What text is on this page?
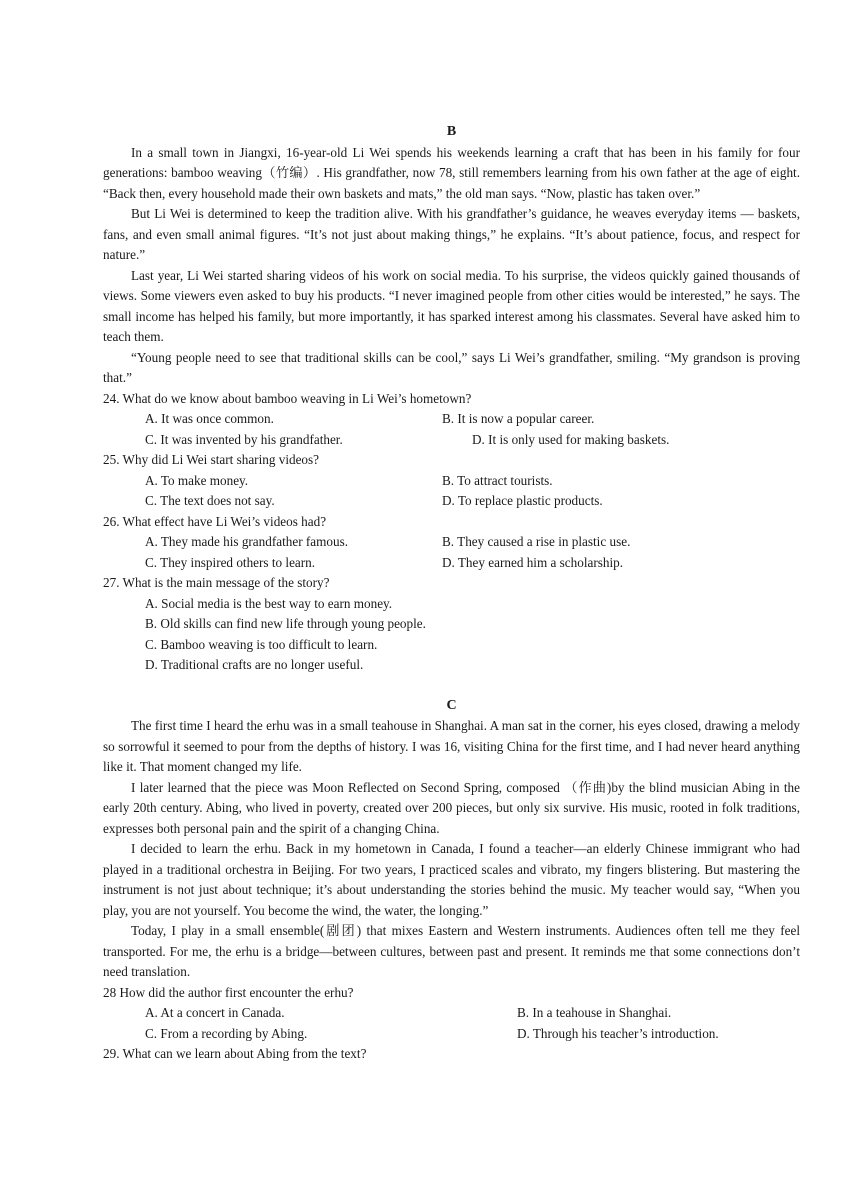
B

In a small town in Jiangxi, 16-year-old Li Wei spends his weekends learning a craft that has been in his family for four generations: bamboo weaving（竹编）. His grandfather, now 78, still remembers learning from his own father at the age of eight. “Back then, every household made their own baskets and mats,” the old man says. “Now, plastic has taken over.”

But Li Wei is determined to keep the tradition alive. With his grandfather’s guidance, he weaves everyday items — baskets, fans, and even small animal figures. “It’s not just about making things,” he explains. “It’s about patience, focus, and respect for nature.”

Last year, Li Wei started sharing videos of his work on social media. To his surprise, the videos quickly gained thousands of views. Some viewers even asked to buy his products. “I never imagined people from other cities would be interested,” he says. The small income has helped his family, but more importantly, it has sparked interest among his classmates. Several have asked him to teach them.

“Young people need to see that traditional skills can be cool,” says Li Wei’s grandfather, smiling. “My grandson is proving that.”

24. What do we know about bamboo weaving in Li Wei’s hometown?

A. It was once common.	B. It is now a popular career.
C. It was invented by his grandfather.	D. It is only used for making baskets.

25. Why did Li Wei start sharing videos?

A. To make money.	B. To attract tourists.
C. The text does not say.	D. To replace plastic products.

26. What effect have Li Wei’s videos had?

A. They made his grandfather famous.	B. They caused a rise in plastic use.
C. They inspired others to learn.	D. They earned him a scholarship.

27. What is the main message of the story?

A. Social media is the best way to earn money.
B. Old skills can find new life through young people.
C. Bamboo weaving is too difficult to learn.
D. Traditional crafts are no longer useful.

C

The first time I heard the erhu was in a small teahouse in Shanghai. A man sat in the corner, his eyes closed, drawing a melody so sorrowful it seemed to pour from the depths of history. I was 16, visiting China for the first time, and I had never heard anything like it. That moment changed my life.

I later learned that the piece was Moon Reflected on Second Spring, composed （作曲)by the blind musician Abing in the early 20th century. Abing, who lived in poverty, created over 200 pieces, but only six survive. His music, rooted in folk traditions, expresses both personal pain and the spirit of a changing China.

I decided to learn the erhu. Back in my hometown in Canada, I found a teacher—an elderly Chinese immigrant who had played in a traditional orchestra in Beijing. For two years, I practiced scales and vibrato, my fingers blistering. But mastering the instrument is not just about technique; it’s about understanding the stories behind the music. My teacher would say, “When you play, you are not yourself. You become the wind, the water, the longing.”

Today, I play in a small ensemble(剧团) that mixes Eastern and Western instruments. Audiences often tell me they feel transported. For me, the erhu is a bridge—between cultures, between past and present. It reminds me that some connections don’t need translation.

28 How did the author first encounter the erhu?

A. At a concert in Canada.	B. In a teahouse in Shanghai.
C. From a recording by Abing.	D. Through his teacher’s introduction.

29. What can we learn about Abing from the text?
